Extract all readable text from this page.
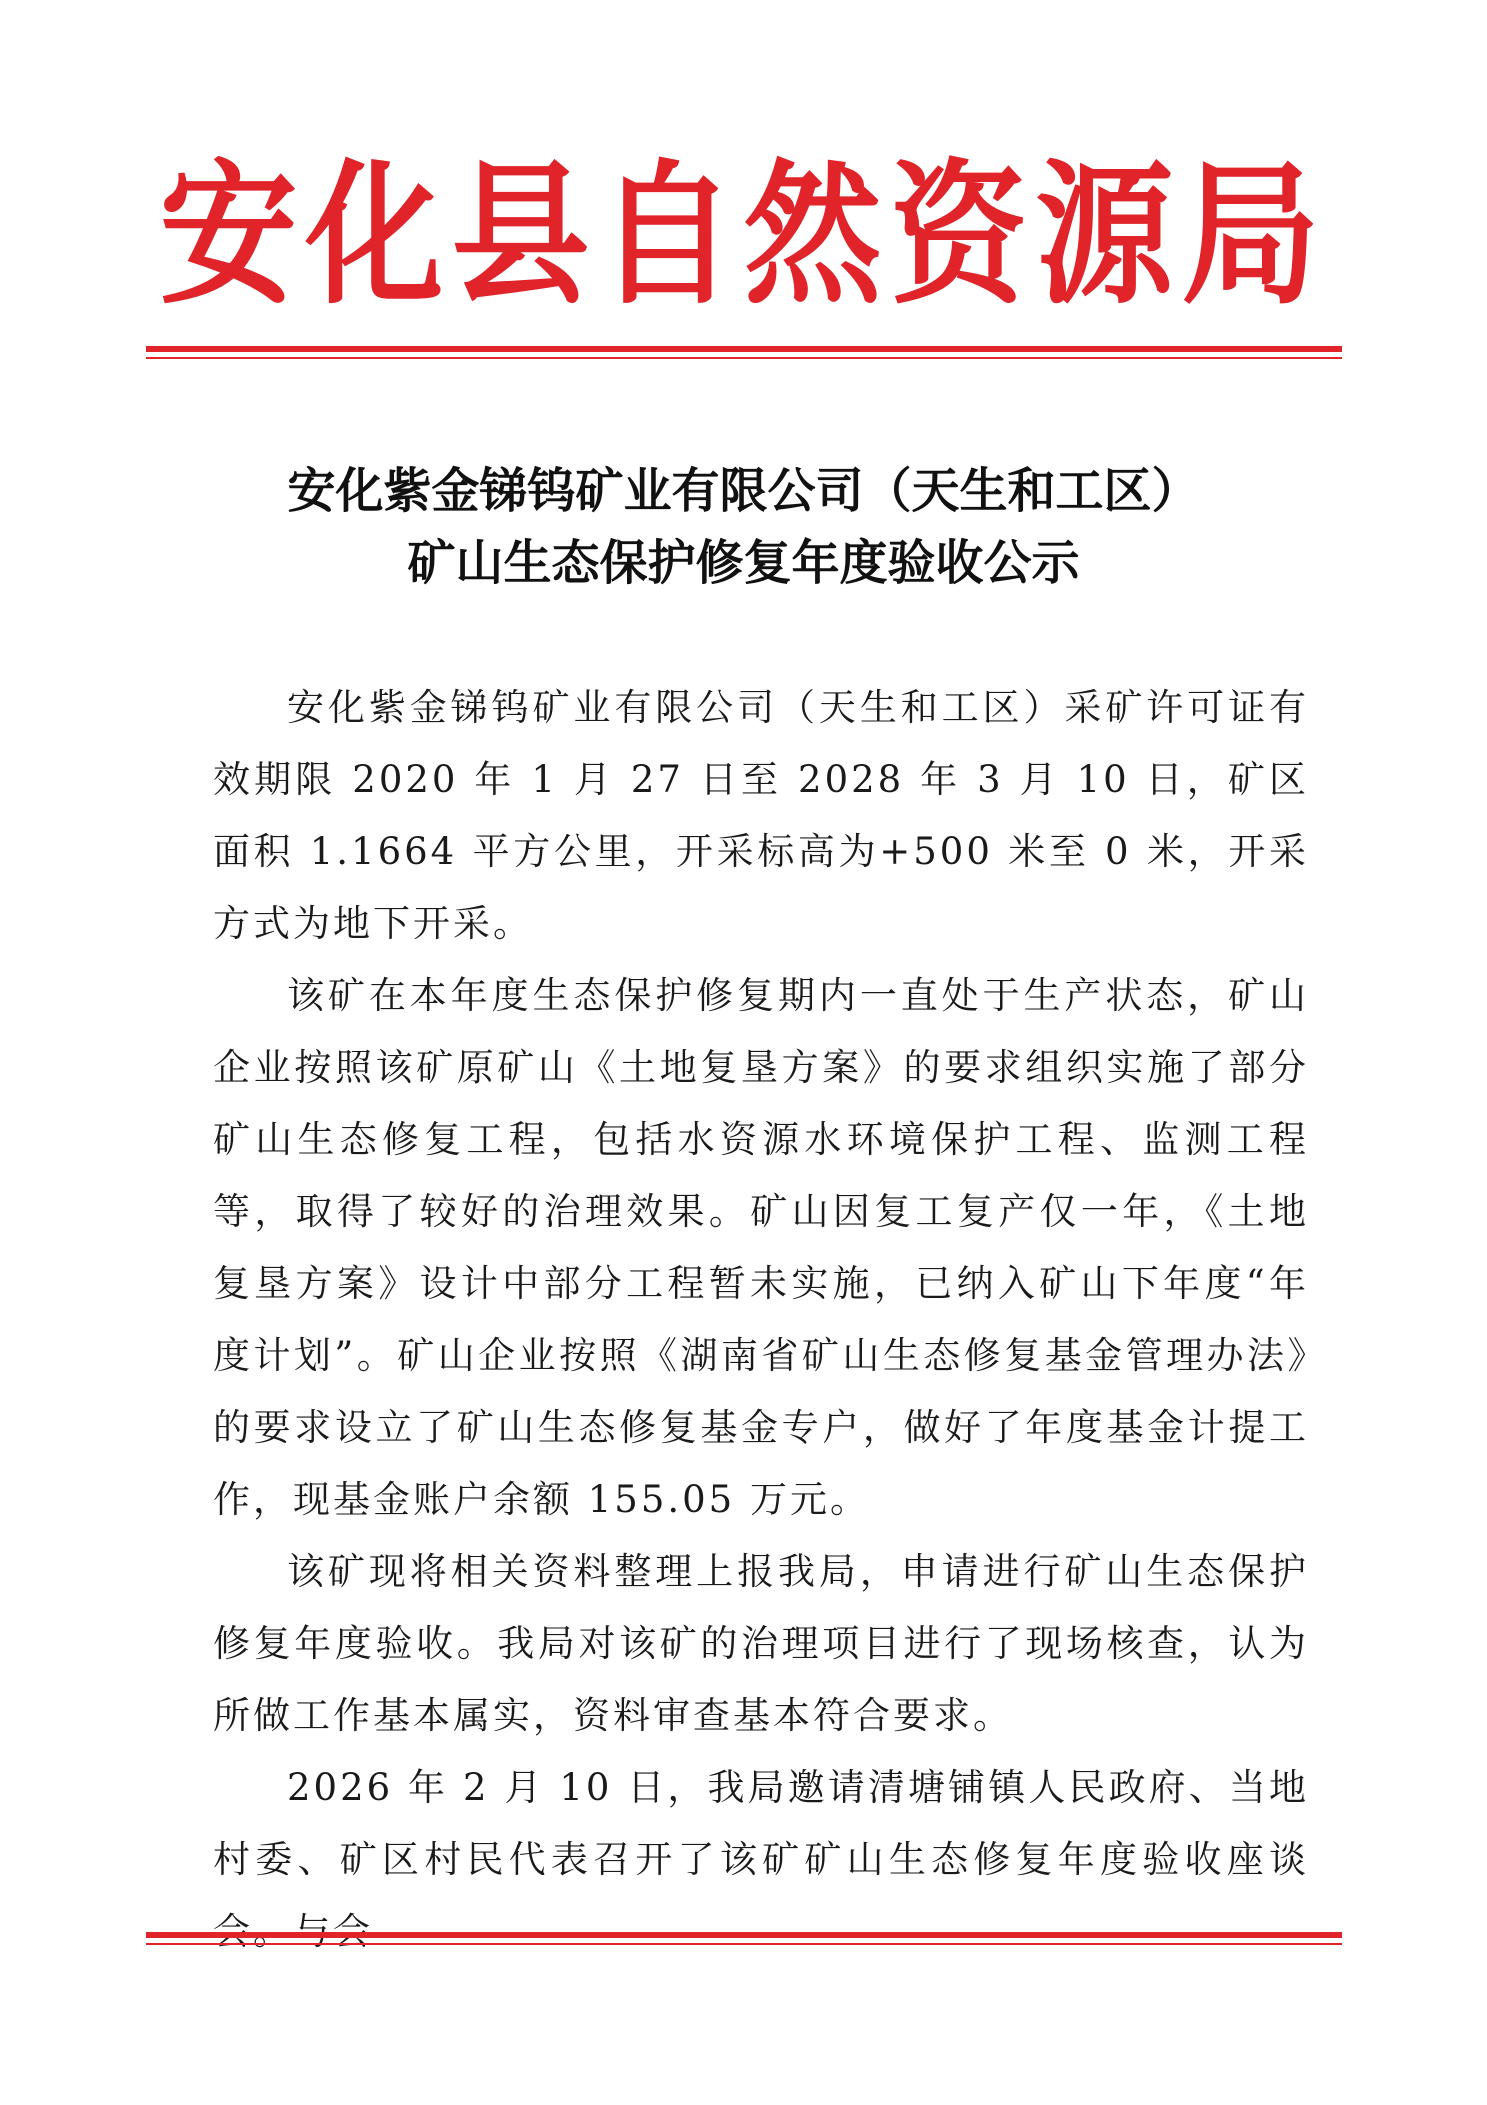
安化县自然资源局
安化紫金锑钨矿业有限公司（天生和工区）
矿山生态保护修复年度验收公示

安化紫金锑钨矿业有限公司（天生和工区）采矿许可证有效期限 2020 年 1 月 27 日至 2028 年 3 月 10 日，矿区面积 1.1664 平方公里，开采标高为+500 米至 0 米，开采方式为地下开采。

该矿在本年度生态保护修复期内一直处于生产状态，矿山企业按照该矿原矿山《土地复垦方案》的要求组织实施了部分矿山生态修复工程，包括水资源水环境保护工程、监测工程等，取得了较好的治理效果。矿山因复工复产仅一年，《土地复垦方案》设计中部分工程暂未实施，已纳入矿山下年度“年度计划”。矿山企业按照《湖南省矿山生态修复基金管理办法》的要求设立了矿山生态修复基金专户，做好了年度基金计提工作，现基金账户余额 155.05 万元。

该矿现将相关资料整理上报我局，申请进行矿山生态保护修复年度验收。我局对该矿的治理项目进行了现场核查，认为所做工作基本属实，资料审查基本符合要求。

2026 年 2 月 10 日，我局邀请清塘铺镇人民政府、当地村委、矿区村民代表召开了该矿矿山生态修复年度验收座谈
